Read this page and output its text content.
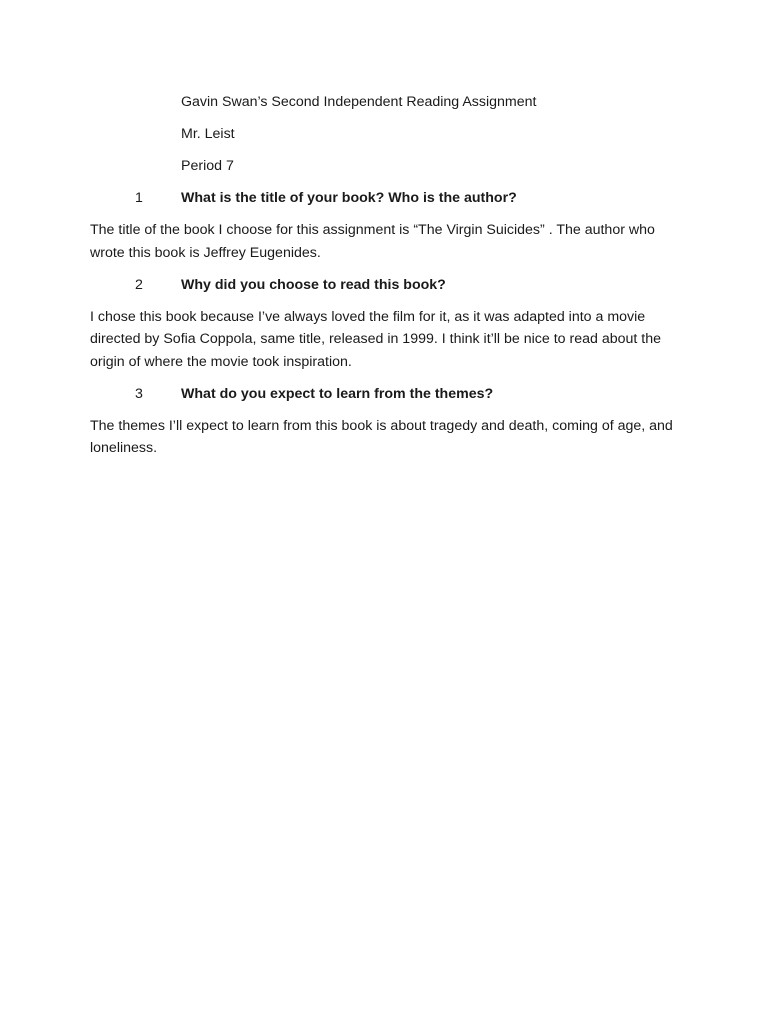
Gavin Swan’s Second Independent Reading Assignment

Mr. Leist

Period 7

1	What is the title of your book? Who is the author?

The title of the book I choose for this assignment is “The Virgin Suicides” . The author who wrote this book is Jeffrey Eugenides.

2	Why did you choose to read this book?

I chose this book because I’ve always loved the film for it, as it was adapted into a movie directed by Sofia Coppola, same title, released in 1999. I think it’ll be nice to read about the origin of where the movie took inspiration.

3	What do you expect to learn from the themes?

The themes I’ll expect to learn from this book is about tragedy and death, coming of age, and loneliness.
